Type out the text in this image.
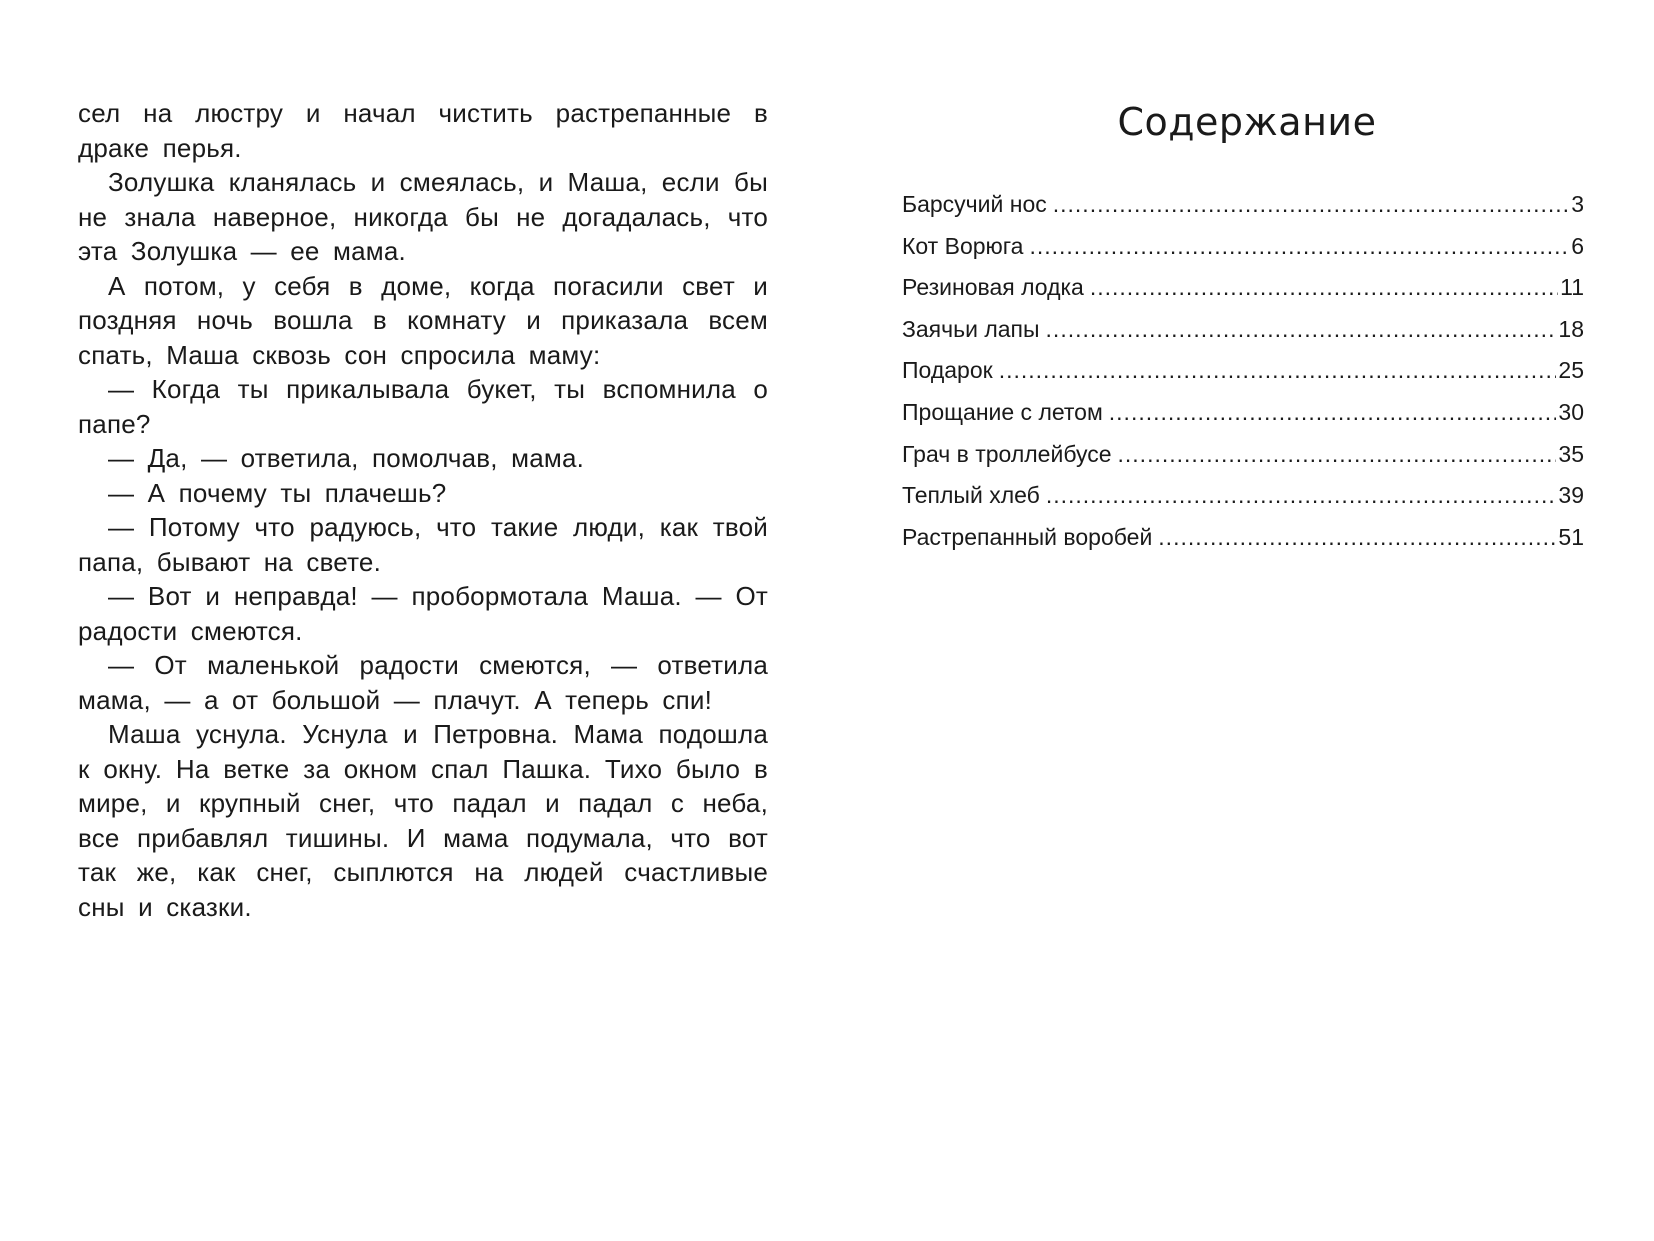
сел на люстру и начал чистить растрепанные в драке перья.

Золушка кланялась и смеялась, и Маша, если бы не знала наверное, никогда бы не догадалась, что эта Золушка — ее мама.

А потом, у себя в доме, когда погасили свет и поздняя ночь вошла в комнату и приказала всем спать, Маша сквозь сон спросила маму:

— Когда ты прикалывала букет, ты вспомнила о папе?

— Да, — ответила, помолчав, мама.

— А почему ты плачешь?

— Потому что радуюсь, что такие люди, как твой папа, бывают на свете.

— Вот и неправда! — пробормотала Маша. — От радости смеются.

— От маленькой радости смеются, — ответила мама, — а от большой — плачут. А теперь спи!

Маша уснула. Уснула и Петровна. Мама подошла к окну. На ветке за окном спал Пашка. Тихо было в мире, и крупный снег, что падал и падал с неба, все прибавлял тишины. И мама подумала, что вот так же, как снег, сыплются на людей счастливые сны и сказки.

Содержание
Барсучий нос .....	3
Кот Ворюга .....	6
Резиновая лодка .....	11
Заячьи лапы .....	18
Подарок .....	25
Прощание с летом .....	30
Грач в троллейбусе .....	35
Теплый хлеб .....	39
Растрепанный воробей .....	51
